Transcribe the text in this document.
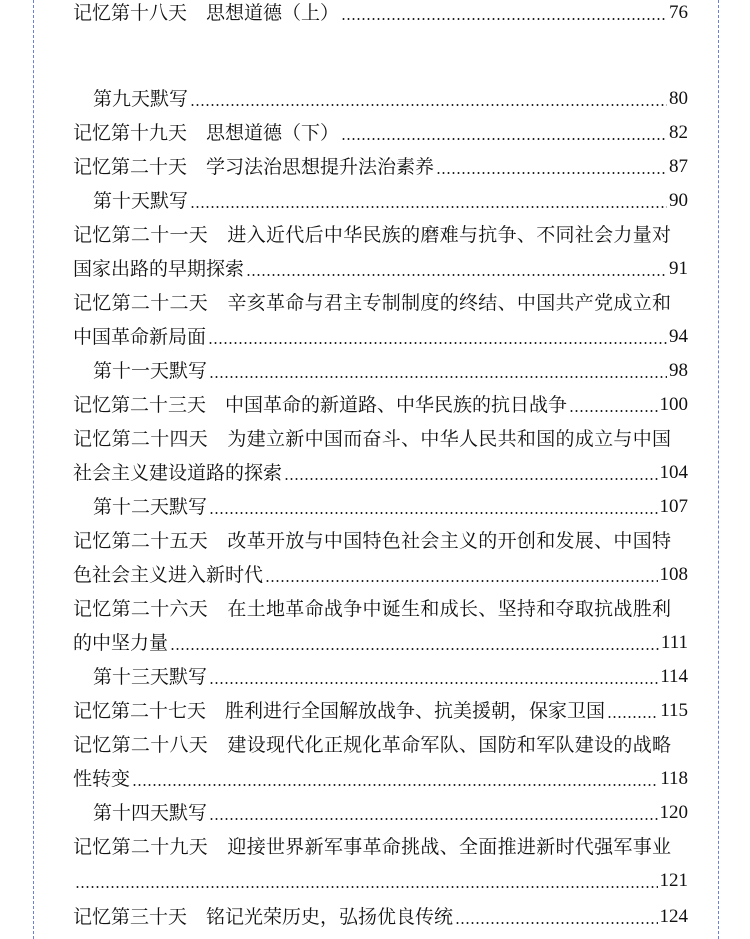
记忆第十八天　思想道德（上）	76
第九天默写	80
记忆第十九天　思想道德（下）	82
记忆第二十天　学习法治思想提升法治素养	87
第十天默写	90
记忆第二十一天　进入近代后中华民族的磨难与抗争、不同社会力量对
国家出路的早期探索	91
记忆第二十二天　辛亥革命与君主专制制度的终结、中国共产党成立和
中国革命新局面	94
第十一天默写	98
记忆第二十三天　中国革命的新道路、中华民族的抗日战争	100
记忆第二十四天　为建立新中国而奋斗、中华人民共和国的成立与中国
社会主义建设道路的探索	104
第十二天默写	107
记忆第二十五天　改革开放与中国特色社会主义的开创和发展、中国特
色社会主义进入新时代	108
记忆第二十六天　在土地革命战争中诞生和成长、坚持和夺取抗战胜利
的中坚力量	111
第十三天默写	114
记忆第二十七天　胜利进行全国解放战争、抗美援朝，保家卫国	115
记忆第二十八天　建设现代化正规化革命军队、国防和军队建设的战略
性转变	118
第十四天默写	120
记忆第二十九天　迎接世界新军事革命挑战、全面推进新时代强军事业
121
记忆第三十天　铭记光荣历史，弘扬优良传统	124
